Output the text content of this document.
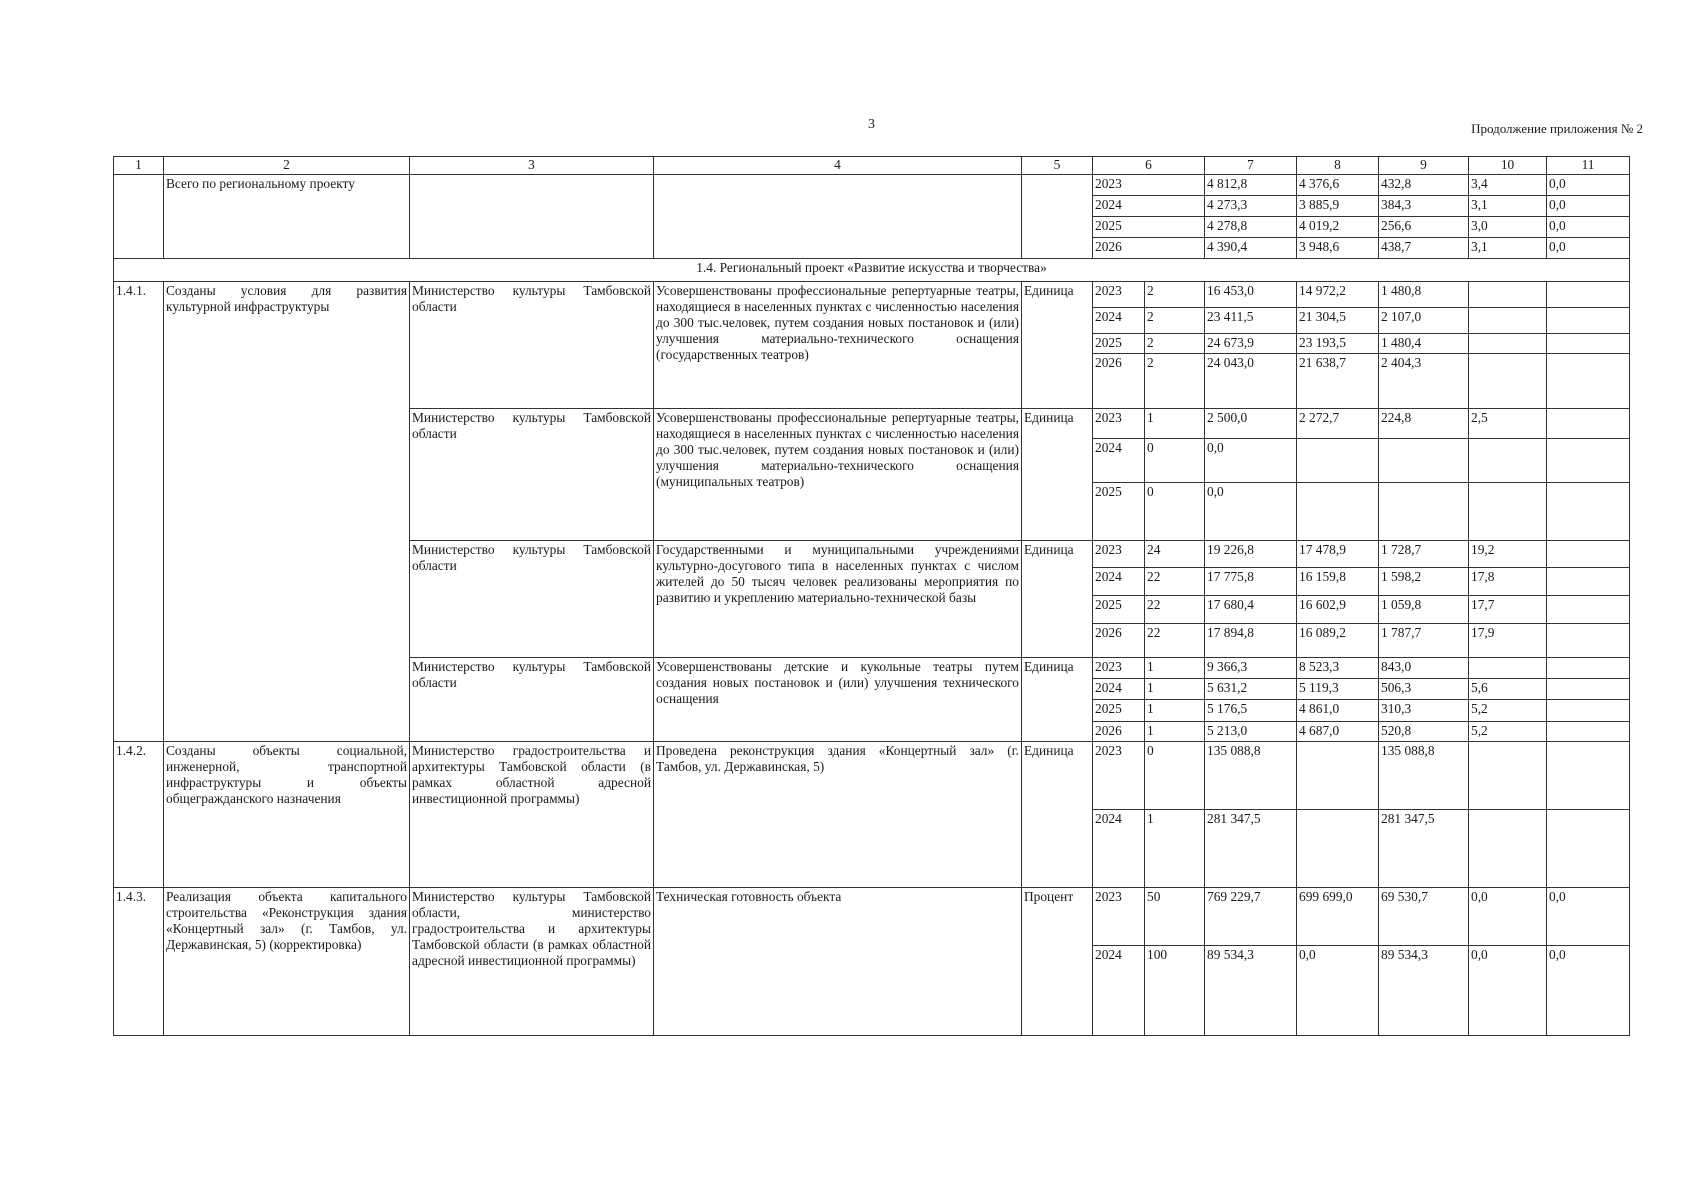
3	Продолжение приложения № 2
1	2	3	4	5	6		7	8	9	10	11
	Всего по региональному проекту				2023		4 812,8	4 376,6	432,8	3,4	0,0
					2024		4 273,3	3 885,9	384,3	3,1	0,0
					2025		4 278,8	4 019,2	256,6	3,0	0,0
					2026		4 390,4	3 948,6	438,7	3,1	0,0
1.4. Региональный проект «Развитие искусства и творчества»											
1.4.1.	Созданы условия для развития культурной инфраструктуры	Министерство культуры Тамбовской области	Усовершенствованы профессиональные репертуарные театры, находящиеся в населенных пунктах с численностью населения до 300 тыс.человек, путем создания новых постановок и (или) улучшения материально-технического оснащения (государственных театров)	Единица	2023	2	16 453,0	14 972,2	1 480,8		
					2024	2	23 411,5	21 304,5	2 107,0		
					2025	2	24 673,9	23 193,5	1 480,4		
					2026	2	24 043,0	21 638,7	2 404,3		
		Министерство культуры Тамбовской области	Усовершенствованы профессиональные репертуарные театры, находящиеся в населенных пунктах с численностью населения до 300 тыс.человек, путем создания новых постановок и (или) улучшения материально-технического оснащения (муниципальных театров)	Единица	2023	1	2 500,0	2 272,7	224,8	2,5	
					2024	0	0,0				
					2025	0	0,0				
		Министерство культуры Тамбовской области	Государственными и муниципальными учреждениями культурно-досугового типа в населенных пунктах с числом жителей до 50 тысяч человек реализованы мероприятия по развитию и укреплению материально-технической базы	Единица	2023	24	19 226,8	17 478,9	1 728,7	19,2	
					2024	22	17 775,8	16 159,8	1 598,2	17,8	
					2025	22	17 680,4	16 602,9	1 059,8	17,7	
					2026	22	17 894,8	16 089,2	1 787,7	17,9	
		Министерство культуры Тамбовской области	Усовершенствованы детские и кукольные театры путем создания новых постановок и (или) улучшения технического оснащения	Единица	2023	1	9 366,3	8 523,3	843,0		
					2024	1	5 631,2	5 119,3	506,3	5,6	
					2025	1	5 176,5	4 861,0	310,3	5,2	
					2026	1	5 213,0	4 687,0	520,8	5,2	
1.4.2.	Созданы объекты социальной, инженерной, транспортной инфраструктуры и объекты общегражданского назначения	Министерство градостроительства и архитектуры Тамбовской области (в рамках областной адресной инвестиционной программы)	Проведена реконструкция здания «Концертный зал» (г. Тамбов, ул. Державинская, 5)	Единица	2023	0	135 088,8		135 088,8		
					2024	1	281 347,5		281 347,5		
1.4.3.	Реализация объекта капитального строительства «Реконструкция здания «Концертный зал» (г. Тамбов, ул. Державинская, 5) (корректировка)	Министерство культуры Тамбовской области, министерство градостроительства и архитектуры Тамбовской области (в рамках областной адресной инвестиционной программы)	Техническая готовность объекта	Процент	2023	50	769 229,7	699 699,0	69 530,7	0,0	0,0
					2024	100	89 534,3	0,0	89 534,3	0,0	0,0
